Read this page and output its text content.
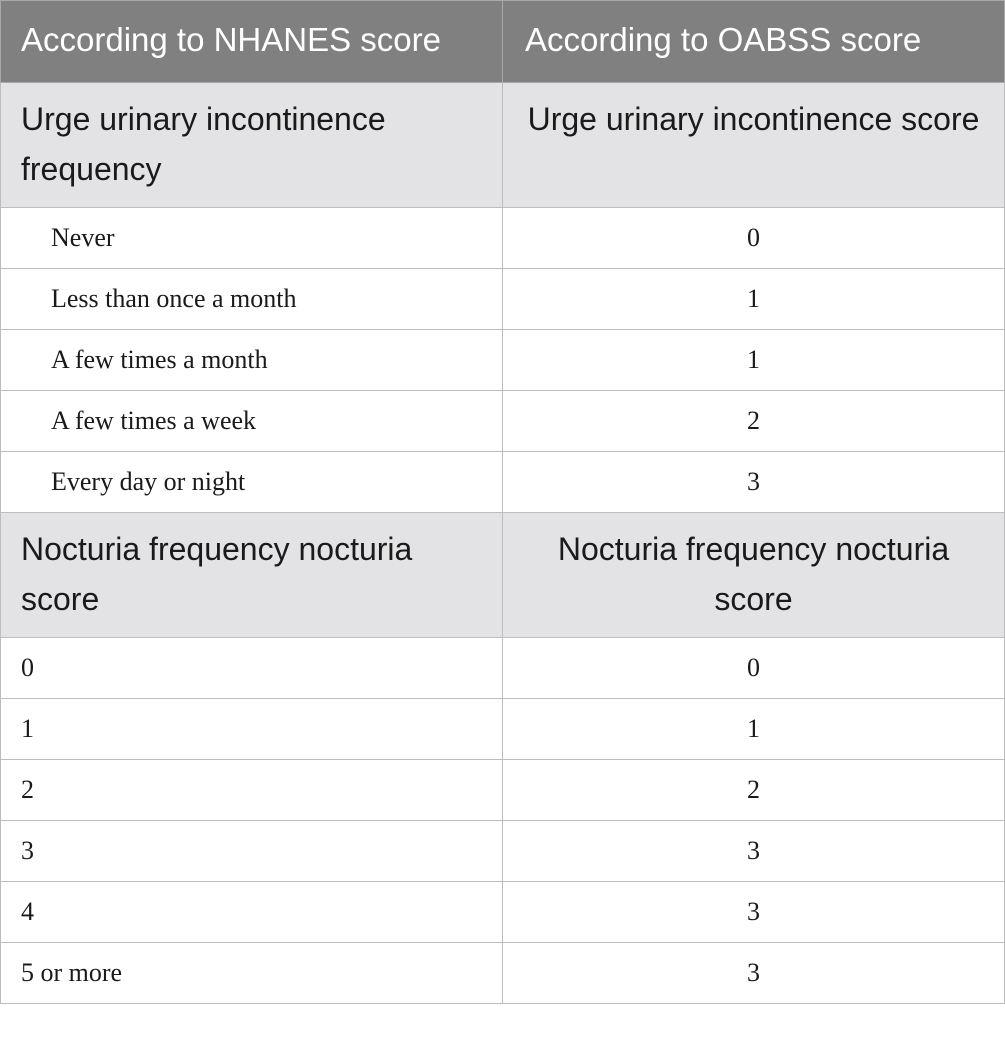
According to NHANES score	According to OABSS score
Urge urinary incontinence frequency	Urge urinary incontinence score
Never	0
Less than once a month	1
A few times a month	1
A few times a week	2
Every day or night	3
Nocturia frequency nocturia score	Nocturia frequency nocturia score
0	0
1	1
2	2
3	3
4	3
5 or more	3
